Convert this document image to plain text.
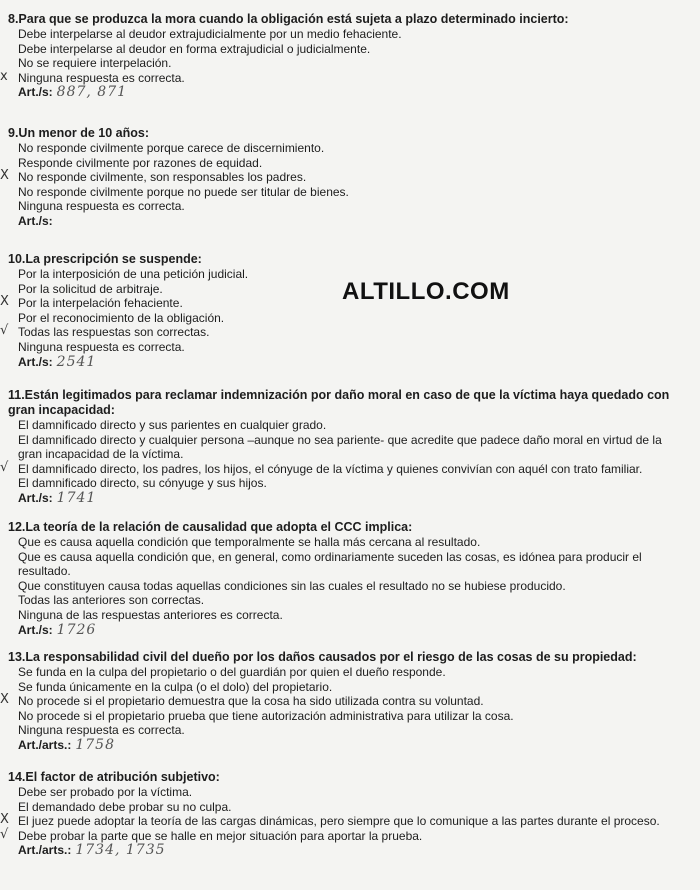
ALTILLO.COM

8.Para que se produzca la mora cuando la obligación está sujeta a plazo determinado incierto:

Debe interpelarse al deudor extrajudicialmente por un medio fehaciente.
Debe interpelarse al deudor en forma extrajudicial o judicialmente.
No se requiere interpelación.
x Ninguna respuesta es correcta.
Art./s: 887, 871

9.Un menor de 10 años:

No responde civilmente porque carece de discernimiento.
Responde civilmente por razones de equidad.
X No responde civilmente, son responsables los padres.
No responde civilmente porque no puede ser titular de bienes.
Ninguna respuesta es correcta.
Art./s:

10.La prescripción se suspende:

Por la interposición de una petición judicial.
Por la solicitud de arbitraje.
X Por la interpelación fehaciente.
Por el reconocimiento de la obligación.
√ Todas las respuestas son correctas.
Ninguna respuesta es correcta.
Art./s: 2541

11.Están legitimados para reclamar indemnización por daño moral en caso de que la víctima haya quedado con gran incapacidad:

El damnificado directo y sus parientes en cualquier grado.
El damnificado directo y cualquier persona –aunque no sea pariente- que acredite que padece daño moral en virtud de la gran incapacidad de la víctima.
√ El damnificado directo, los padres, los hijos, el cónyuge de la víctima y quienes convivían con aquél con trato familiar.
El damnificado directo, su cónyuge y sus hijos.
Art./s: 1741

12.La teoría de la relación de causalidad que adopta el CCC implica:

Que es causa aquella condición que temporalmente se halla más cercana al resultado.
Que es causa aquella condición que, en general, como ordinariamente suceden las cosas, es idónea para producir el resultado.
Que constituyen causa todas aquellas condiciones sin las cuales el resultado no se hubiese producido.
Todas las anteriores son correctas.
Ninguna de las respuestas anteriores es correcta.
Art./s: 1726

13.La responsabilidad civil del dueño por los daños causados por el riesgo de las cosas de su propiedad:

Se funda en la culpa del propietario o del guardián por quien el dueño responde.
Se funda únicamente en la culpa (o el dolo) del propietario.
X No procede si el propietario demuestra que la cosa ha sido utilizada contra su voluntad.
No procede si el propietario prueba que tiene autorización administrativa para utilizar la cosa.
Ninguna respuesta es correcta.
Art./arts.: 1758

14.El factor de atribución subjetivo:

Debe ser probado por la víctima.
El demandado debe probar su no culpa.
X El juez puede adoptar la teoría de las cargas dinámicas, pero siempre que lo comunique a las partes durante el proceso.
√ Debe probar la parte que se halle en mejor situación para aportar la prueba.
Art./arts.: 1734, 1735
